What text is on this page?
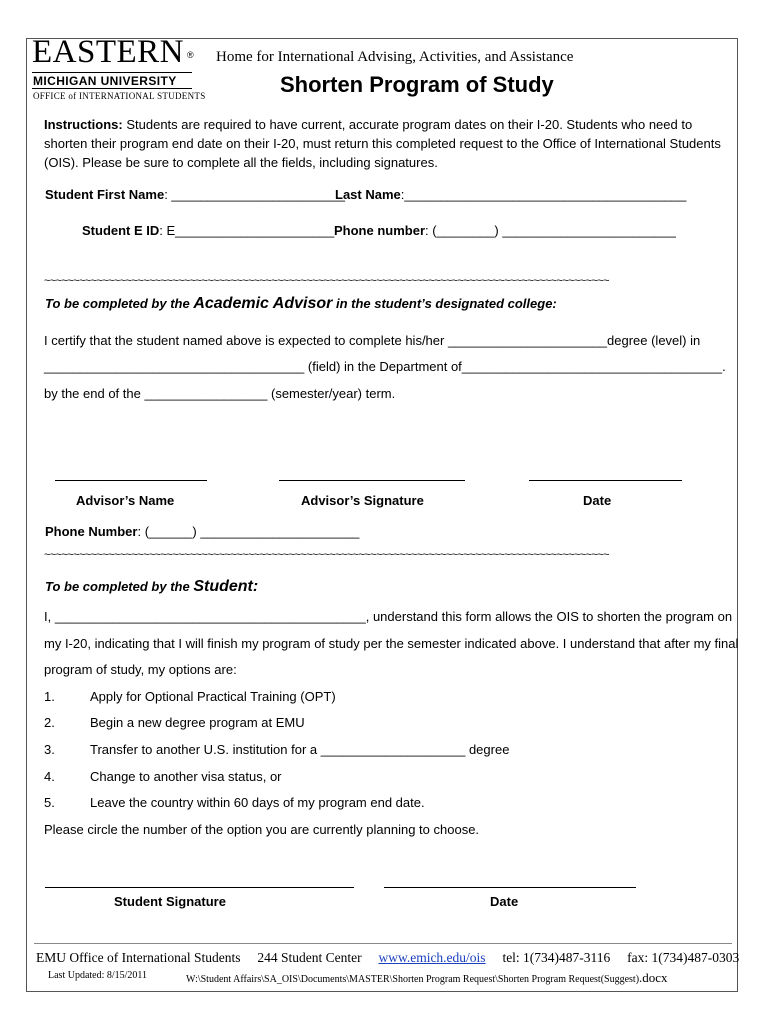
EASTERN ®
MICHIGAN UNIVERSITY
OFFICE of INTERNATIONAL STUDENTS
Home for International Advising, Activities, and Assistance
Shorten Program of Study
Instructions: Students are required to have current, accurate program dates on their I-20. Students who need to shorten their program end date on their I-20, must return this completed request to the Office of International Students (OIS). Please be sure to complete all the fields, including signatures.
Student First Name: ________________________
Last Name:_______________________________________
Student E ID: E______________________ Phone number: (________) ________________________
~~~~~~~~~~~~~~~~~~~~~~~~~~~~~~~~~~~~~~~~~~~~~~~~~~~~~~~~~~~~~~~~~~~~~~~~~~~~~~~~~~~~~~~~~~~~~~~~~
To be completed by the Academic Advisor in the student’s designated college:
I certify that the student named above is expected to complete his/her ______________________degree (level) in
____________________________________ (field) in the Department of____________________________________.
by the end of the _________________ (semester/year) term.
Advisor’s Name	Advisor’s Signature	Date
Phone Number: (______) ______________________
~~~~~~~~~~~~~~~~~~~~~~~~~~~~~~~~~~~~~~~~~~~~~~~~~~~~~~~~~~~~~~~~~~~~~~~~~~~~~~~~~~~~~~~~~~~~~~~~~
To be completed by the Student:
I, ___________________________________________, understand this form allows the OIS to shorten the program on
my I-20, indicating that I will finish my program of study per the semester indicated above. I understand that after my final
program of study, my options are:
1.	Apply for Optional Practical Training (OPT)
2.	Begin a new degree program at EMU
3.	Transfer to another U.S. institution for a ____________________ degree
4.	Change to another visa status, or
5.	Leave the country within 60 days of my program end date.
Please circle the number of the option you are currently planning to choose.
Student Signature	Date
EMU Office of International Students 244 Student Center www.emich.edu/ois tel: 1(734)487-3116 fax: 1(734)487-0303
Last Updated: 8/15/2011	W:\Student Affairs\SA_OIS\Documents\MASTER\Shorten Program Request\Shorten Program Request(Suggest).docx
